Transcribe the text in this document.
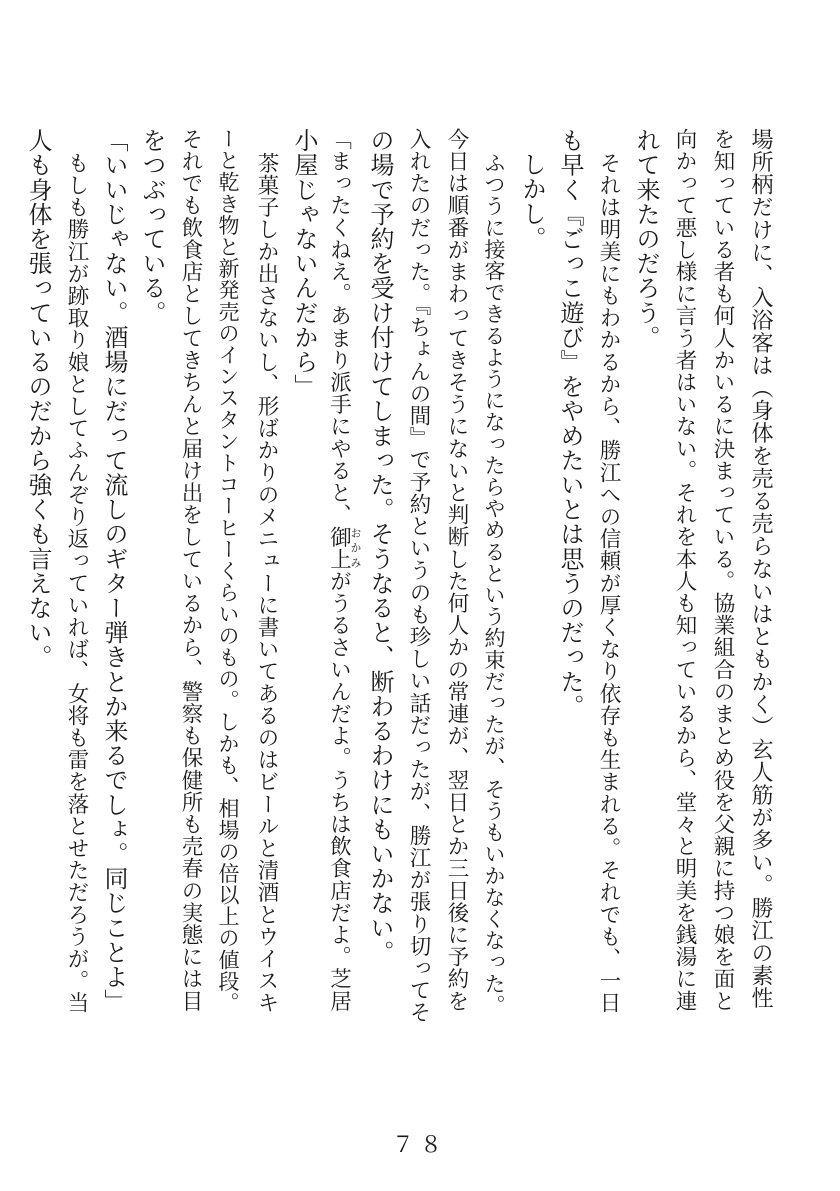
場所柄だけに、入浴客は（身体を売る売らないはともかく）玄人筋が多い。勝江の素性
を知っている者も何人かいるに決まっている。協業組合のまとめ役を父親に持つ娘を面と
向かって悪し様に言う者はいない。それを本人も知っているから、堂々と明美を銭湯に連
れて来たのだろう。
それは明美にもわかるから、勝江への信頼が厚くなり依存も生まれる。それでも、一日
も早く『ごっこ遊び』をやめたいとは思うのだった。
しかし。
ふつうに接客できるようになったらやめるという約束だったが、そうもいかなくなった。
今日は順番がまわってきそうにないと判断した何人かの常連が、翌日とか三日後に予約を
入れたのだった。『ちょんの間』で予約というのも珍しい話だったが、勝江が張り切ってそ
の場で予約を受け付けてしまった。そうなると、断わるわけにもいかない。
「まったくねえ。あまり派手にやると、御上おかみがうるさいんだよ。うちは飲食店だよ。芝居
小屋じゃないんだから」
茶菓子しか出さないし、形ばかりのメニューに書いてあるのはビールと清酒とウイスキ
ーと乾き物と新発売のインスタントコーヒーくらいのもの。しかも、相場の倍以上の値段。
それでも飲食店としてきちんと届け出をしているから、警察も保健所も売春の実態には目
をつぶっている。
「いいじゃない。酒場にだって流しのギター弾きとか来るでしょ。同じことよ」
もしも勝江が跡取り娘としてふんぞり返っていれば、女将も雷を落とせただろうが。当
人も身体を張っているのだから強くも言えない。
７８
